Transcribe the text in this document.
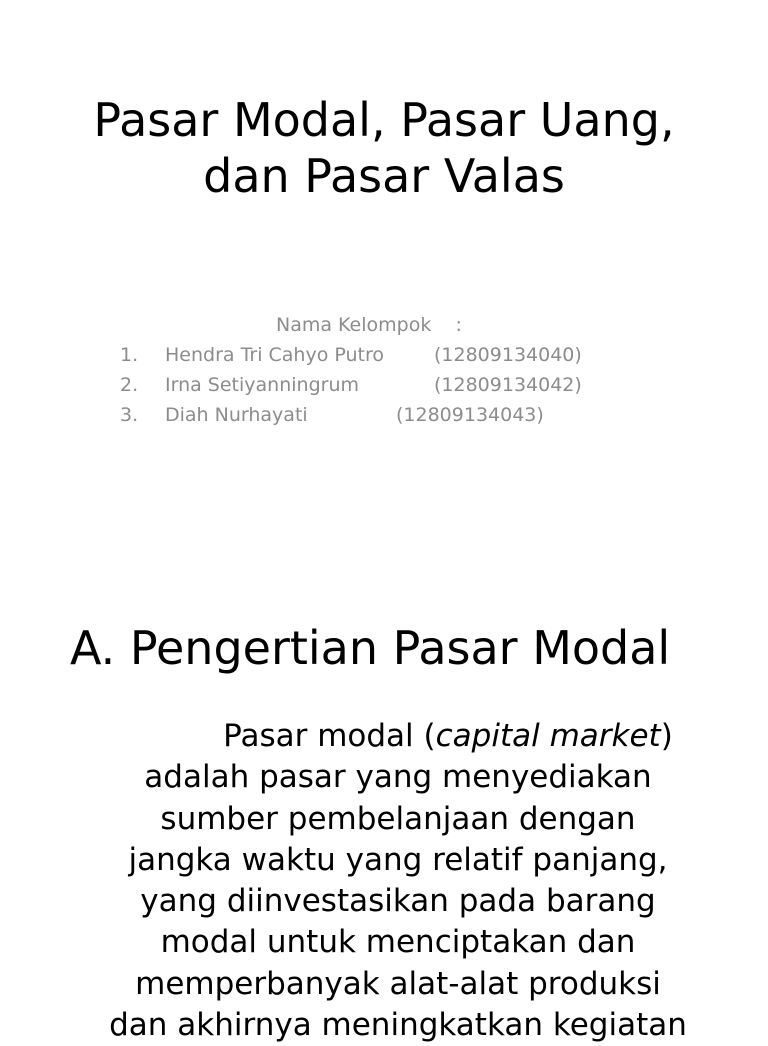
Pasar Modal, Pasar Uang,
dan Pasar Valas
Nama Kelompok    :
1. Hendra Tri Cahyo Putro	(12809134040)
2. Irna Setiyanningrum	(12809134042)
3. Diah Nurhayati	(12809134043)
A. Pengertian Pasar Modal
Pasar modal (capital market)
adalah pasar yang menyediakan
sumber pembelanjaan dengan
jangka waktu yang relatif panjang,
yang diinvestasikan pada barang
modal untuk menciptakan dan
memperbanyak alat-alat produksi
dan akhirnya meningkatkan kegiatan
